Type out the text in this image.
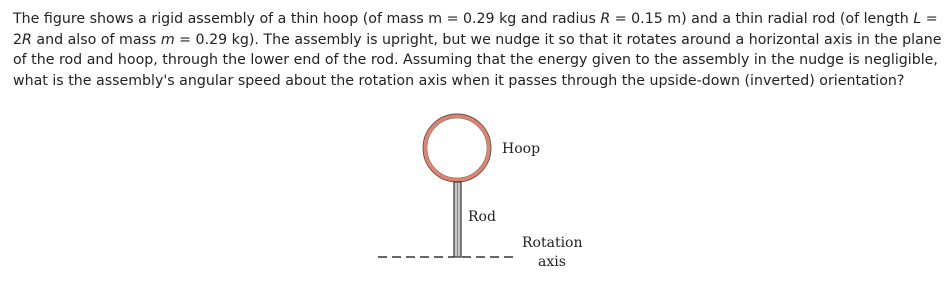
The figure shows a rigid assembly of a thin hoop (of mass m = 0.29 kg and radius R = 0.15 m) and a thin radial rod (of length L = 2R and also of mass m = 0.29 kg). The assembly is upright, but we nudge it so that it rotates around a horizontal axis in the plane of the rod and hoop, through the lower end of the rod. Assuming that the energy given to the assembly in the nudge is negligible, what is the assembly's angular speed about the rotation axis when it passes through the upside-down (inverted) orientation?

Hoop
Rod
Rotation
axis
